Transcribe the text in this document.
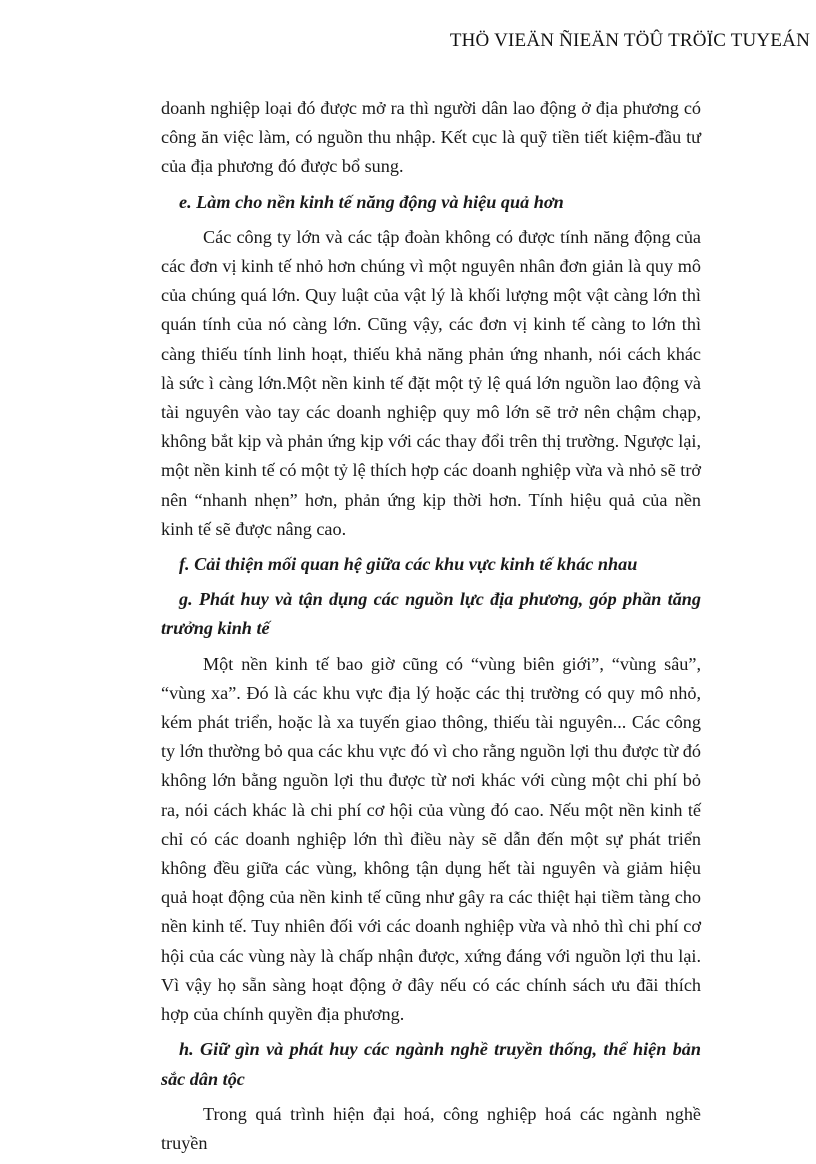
THÖ VIEÄN ÑIEÄN TÖÛ TRÖÏC TUYEÁN

doanh nghiệp loại đó được mở ra thì người dân lao động ở địa phương có công ăn việc làm, có nguồn thu nhập. Kết cục là quỹ tiền tiết kiệm-đầu tư của địa phương đó được bổ sung.

e. Làm cho nền kinh tế năng động và hiệu quả hơn

Các công ty lớn và các tập đoàn không có được tính năng động của các đơn vị kinh tế nhỏ hơn chúng vì một nguyên nhân đơn giản là quy mô của chúng quá lớn. Quy luật của vật lý là khối lượng một vật càng lớn thì quán tính của nó càng lớn. Cũng vậy, các đơn vị kinh tế càng to lớn thì càng thiếu tính linh hoạt, thiếu khả năng phản ứng nhanh, nói cách khác là sức ì càng lớn.Một nền kinh tế đặt một tỷ lệ quá lớn nguồn lao động và tài nguyên vào tay các doanh nghiệp quy mô lớn sẽ trở nên chậm chạp, không bắt kịp và phản ứng kịp với các thay đổi trên thị trường. Ngược lại, một nền kinh tế có một tỷ lệ thích hợp các doanh nghiệp vừa và nhỏ sẽ trở nên “nhanh nhẹn” hơn, phản ứng kịp thời hơn. Tính hiệu quả của nền kinh tế sẽ được nâng cao.

f. Cải thiện mối quan hệ giữa các khu vực kinh tế khác nhau

g. Phát huy và tận dụng các nguồn lực địa phương, góp phần tăng trưởng kinh tế

Một nền kinh tế bao giờ cũng có “vùng biên giới”, “vùng sâu”, “vùng xa”. Đó là các khu vực địa lý hoặc các thị trường có quy mô nhỏ, kém phát triển, hoặc là xa tuyến giao thông, thiếu tài nguyên... Các công ty lớn thường bỏ qua các khu vực đó vì cho rằng nguồn lợi thu được từ đó không lớn bằng nguồn lợi thu được từ nơi khác với cùng một chi phí bỏ ra, nói cách khác là chi phí cơ hội của vùng đó cao. Nếu một nền kinh tế chỉ có các doanh nghiệp lớn thì điều này sẽ dẫn đến một sự phát triển không đều giữa các vùng, không tận dụng hết tài nguyên và giảm hiệu quả hoạt động của nền kinh tế cũng như gây ra các thiệt hại tiềm tàng cho nền kinh tế. Tuy nhiên đối với các doanh nghiệp vừa và nhỏ thì chi phí cơ hội của các vùng này là chấp nhận được, xứng đáng với nguồn lợi thu lại. Vì vậy họ sẵn sàng hoạt động ở đây nếu có các chính sách ưu đãi thích hợp của chính quyền địa phương.

h. Giữ gìn và phát huy các ngành nghề truyền thống, thể hiện bản sắc dân tộc

Trong quá trình hiện đại hoá, công nghiệp hoá các ngành nghề truyền
